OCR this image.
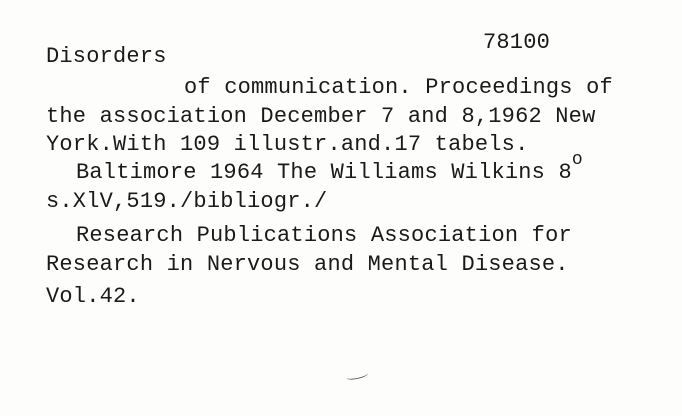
Disorders
78100
of communication. Proceedings of
the association December 7 and 8,1962 New
York.With 109 illustr.and.17 tabels.
Baltimore 1964 The Williams Wilkins 8$^o$
s.XlV,519./bibliogr./
Research Publications Association for
Research in Nervous and Mental Disease.
Vol.42.
